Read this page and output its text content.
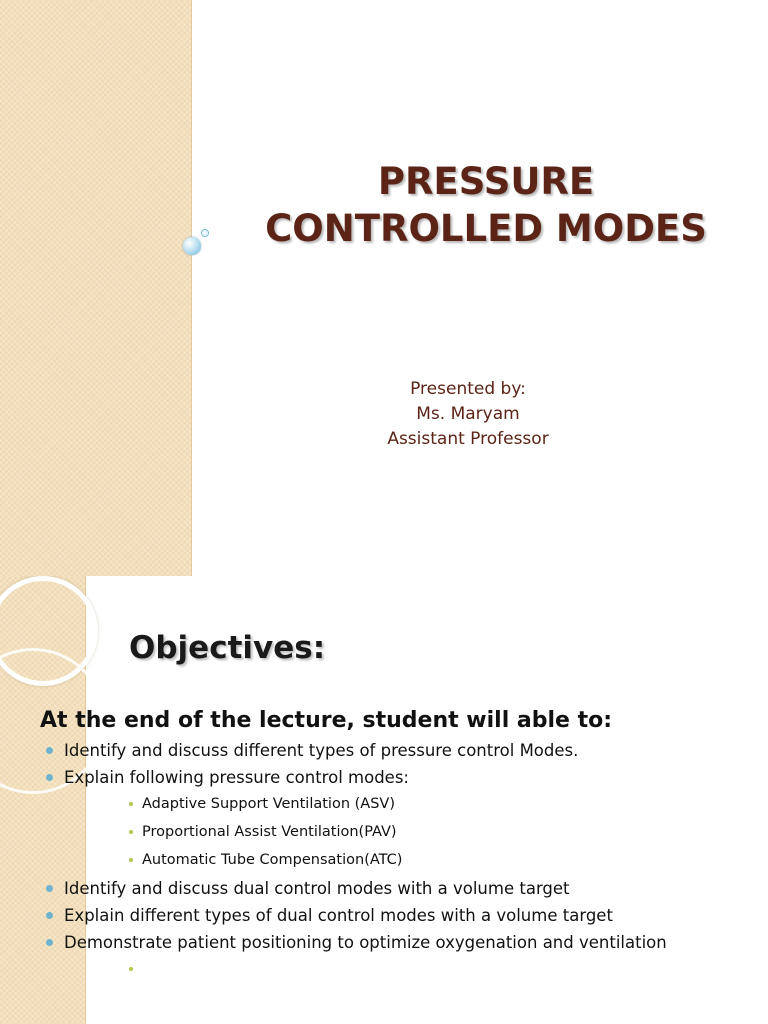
PRESSURE
CONTROLLED MODES
Presented by:
Ms. Maryam
Assistant Professor
Objectives:

At the end of the lecture, student will able to:

Identify and discuss different types of pressure control Modes.
Explain following pressure control modes:
Adaptive Support Ventilation (ASV)
Proportional Assist Ventilation(PAV)
Automatic Tube Compensation(ATC)
Identify and discuss dual control modes with a volume target
Explain different types of dual control modes with a volume target
Demonstrate patient positioning to optimize oxygenation and ventilation
